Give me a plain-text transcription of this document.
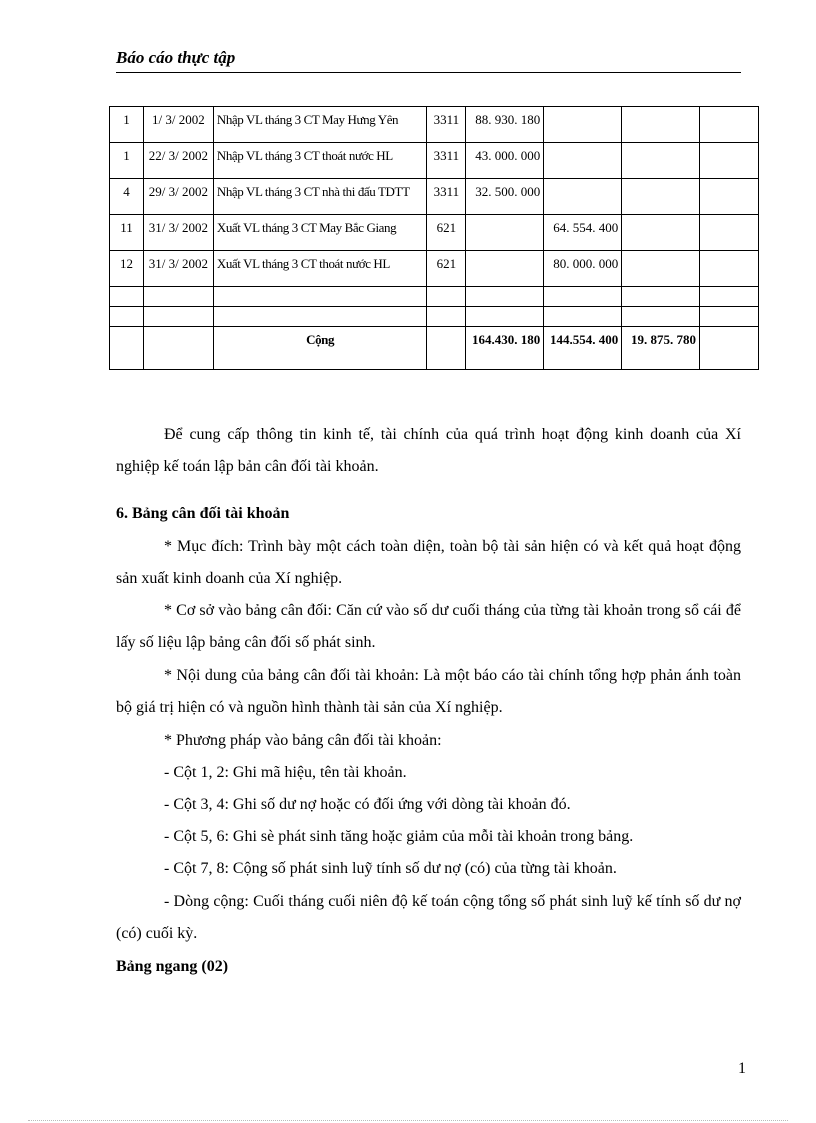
Báo cáo thực tập
1	1/ 3/ 2002	Nhập VL tháng 3 CT May Hưng Yên	3311	88. 930. 180			
1	22/ 3/ 2002	Nhập VL tháng 3 CT thoát nước HL	3311	43. 000. 000			
4	29/ 3/ 2002	Nhập VL tháng 3 CT nhà thi đấu TDTT	3311	32. 500. 000			
11	31/ 3/ 2002	Xuất VL tháng 3 CT May Bắc Giang	621		64. 554. 400		
12	31/ 3/ 2002	Xuất VL tháng 3 CT thoát nước HL	621		80. 000. 000		

		Cộng		164.430. 180	144.554. 400	19. 875. 780	

Để cung cấp thông tin kinh tế, tài chính của quá trình hoạt động kinh doanh của Xí nghiệp kế toán lập bản cân đối tài khoản.

6. Bảng cân đối tài khoản

* Mục đích: Trình bày một cách toàn diện, toàn bộ tài sản hiện có và kết quả hoạt động sản xuất kinh doanh của Xí nghiệp.

* Cơ sở vào bảng cân đối: Căn cứ vào số dư cuối tháng của từng tài khoản trong sổ cái để lấy số liệu lập bảng cân đối số phát sinh.

* Nội dung của bảng cân đối tài khoản: Là một báo cáo tài chính tổng hợp phản ánh toàn bộ giá trị hiện có và nguồn hình thành tài sản của Xí nghiệp.

* Phương pháp vào bảng cân đối tài khoản:

- Cột 1, 2: Ghi mã hiệu, tên tài khoản.

- Cột 3, 4: Ghi số dư nợ hoặc có đối ứng với dòng tài khoản đó.

- Cột 5, 6: Ghi sè phát sinh tăng hoặc giảm của mỗi tài khoản trong bảng.

- Cột 7, 8: Cộng số phát sinh luỹ tính số dư nợ (có) của từng tài khoản.

- Dòng cộng: Cuối tháng cuối niên độ kế toán cộng tổng số phát sinh luỹ kế tính số dư nợ (có) cuối kỳ.

Bảng ngang (02)

1
